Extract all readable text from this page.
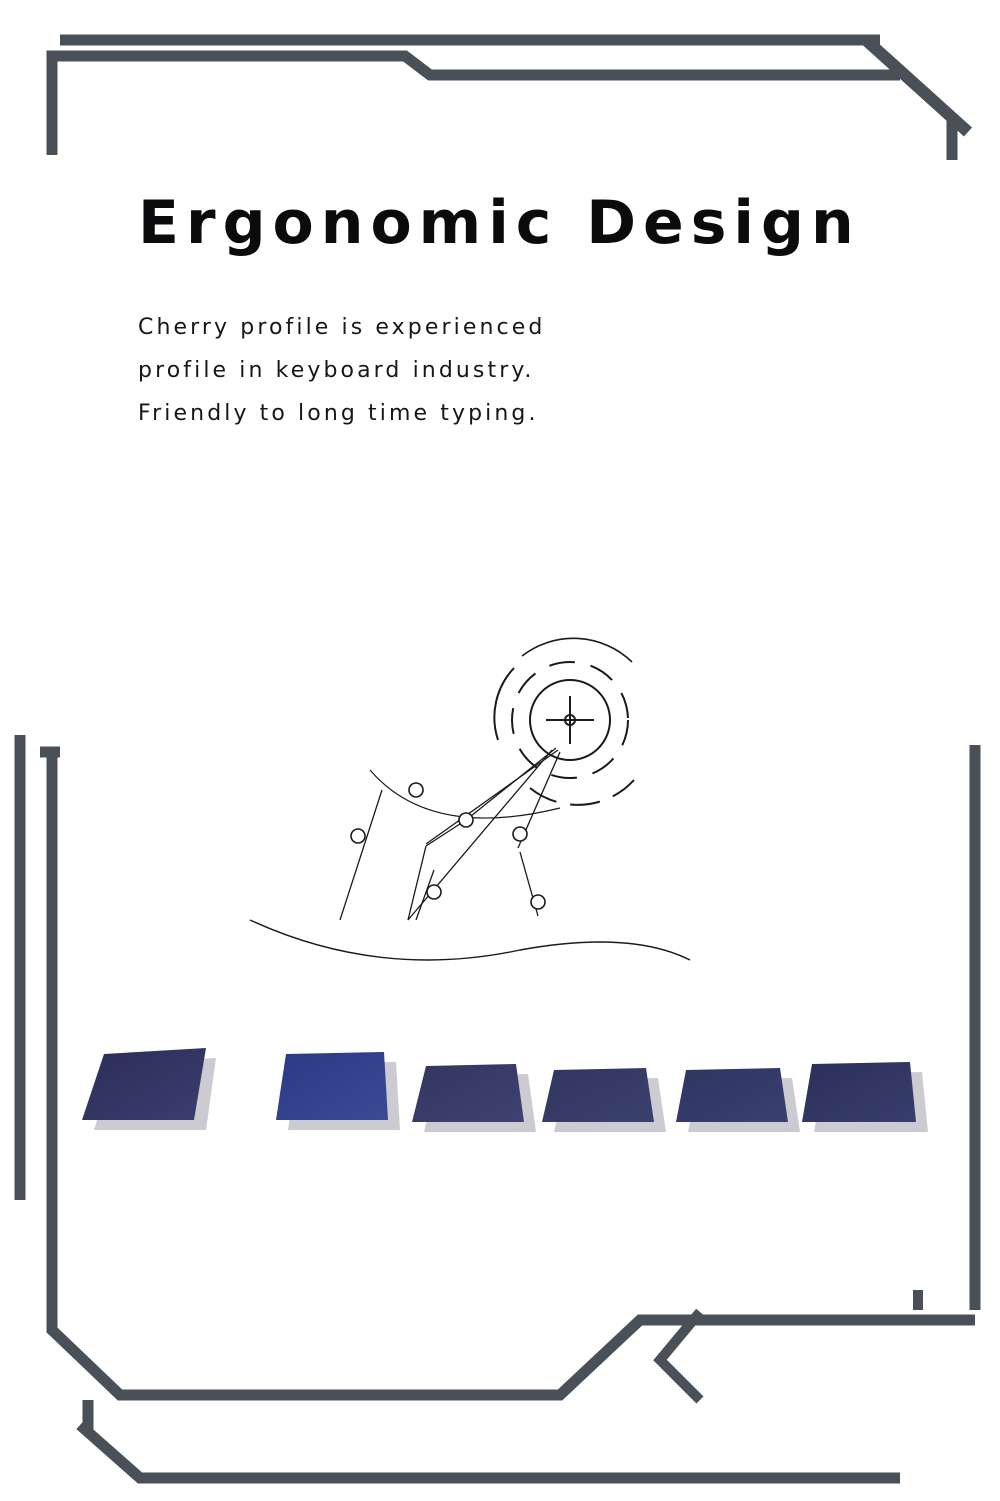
Ergonomic Design

Cherry profile is experienced
profile in keyboard industry.
Friendly to long time typing.
